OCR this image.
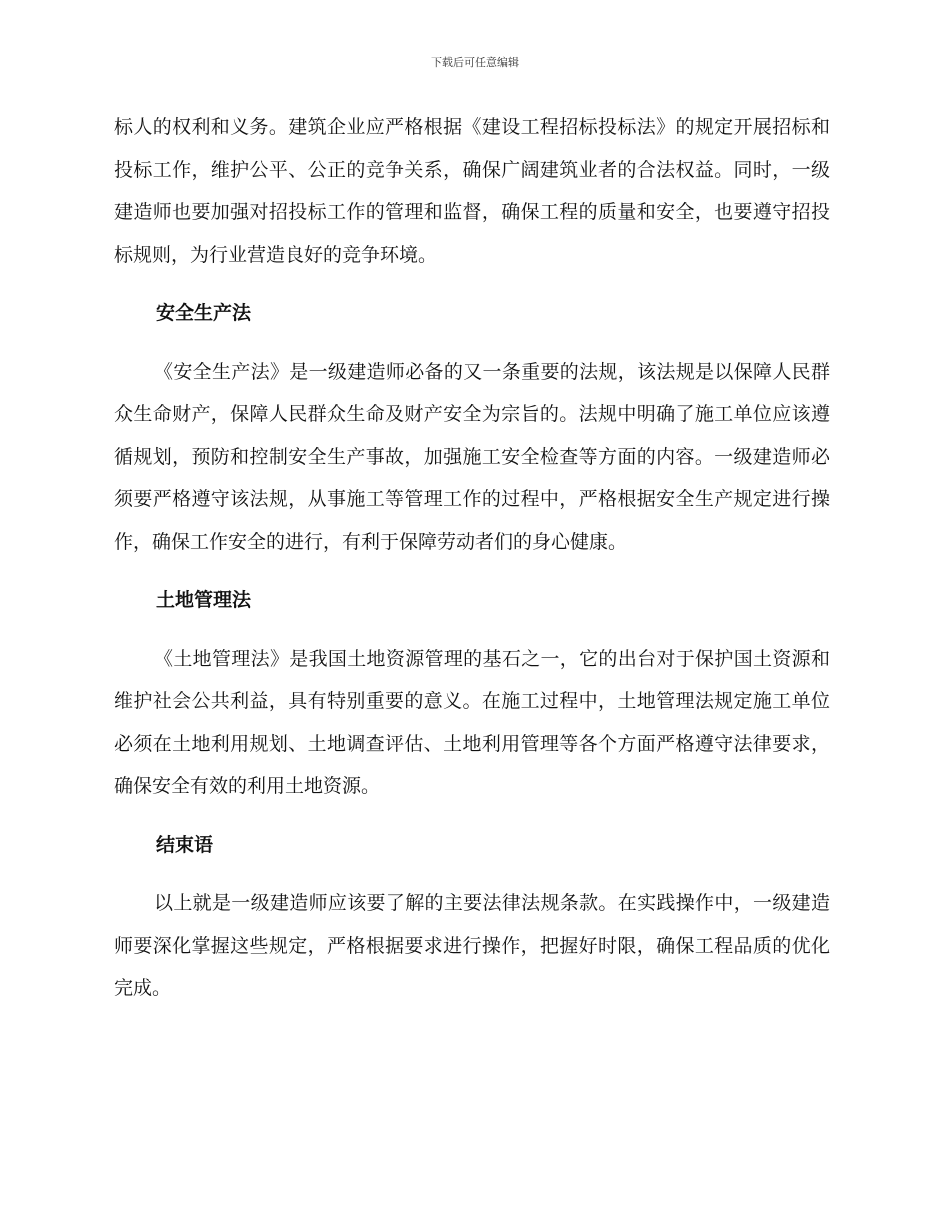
下载后可任意编辑

标人的权利和义务。建筑企业应严格根据《建设工程招标投标法》的规定开展招标和投标工作，维护公平、公正的竞争关系，确保广阔建筑业者的合法权益。同时，一级建造师也要加强对招投标工作的管理和监督，确保工程的质量和安全，也要遵守招投标规则，为行业营造良好的竞争环境。

安全生产法

《安全生产法》是一级建造师必备的又一条重要的法规，该法规是以保障人民群众生命财产，保障人民群众生命及财产安全为宗旨的。法规中明确了施工单位应该遵循规划，预防和控制安全生产事故，加强施工安全检查等方面的内容。一级建造师必须要严格遵守该法规，从事施工等管理工作的过程中，严格根据安全生产规定进行操作，确保工作安全的进行，有利于保障劳动者们的身心健康。

土地管理法

《土地管理法》是我国土地资源管理的基石之一，它的出台对于保护国土资源和维护社会公共利益，具有特别重要的意义。在施工过程中，土地管理法规定施工单位必须在土地利用规划、土地调查评估、土地利用管理等各个方面严格遵守法律要求，确保安全有效的利用土地资源。

结束语

以上就是一级建造师应该要了解的主要法律法规条款。在实践操作中，一级建造师要深化掌握这些规定，严格根据要求进行操作，把握好时限，确保工程品质的优化完成。
